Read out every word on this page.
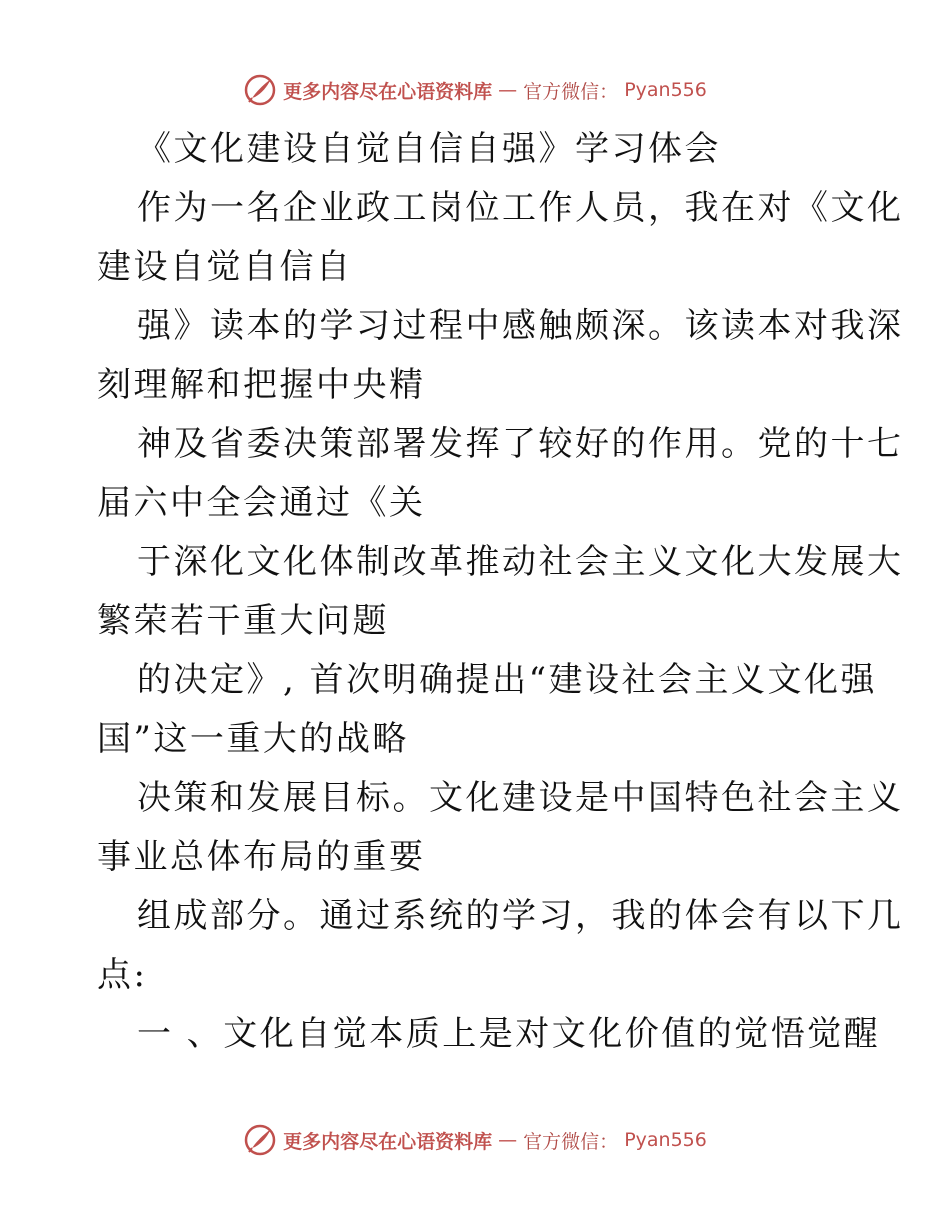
更多内容尽在心语资料库 — 官方微信： Pyan556
《文化建设自觉自信自强》学习体会
作为一名企业政工岗位工作人员，我在对《文化
建设自觉自信自
强》读本的学习过程中感触颇深。该读本对我深
刻理解和把握中央精
神及省委决策部署发挥了较好的作用。党的十七
届六中全会通过《关
于深化文化体制改革推动社会主义文化大发展大
繁荣若干重大问题
的决定》, 首次明确提出“建设社会主义文化强
国”这一重大的战略
决策和发展目标。文化建设是中国特色社会主义
事业总体布局的重要
组成部分。通过系统的学习，我的体会有以下几
点:
一 、文化自觉本质上是对文化价值的觉悟觉醒
更多内容尽在心语资料库 — 官方微信： Pyan556
